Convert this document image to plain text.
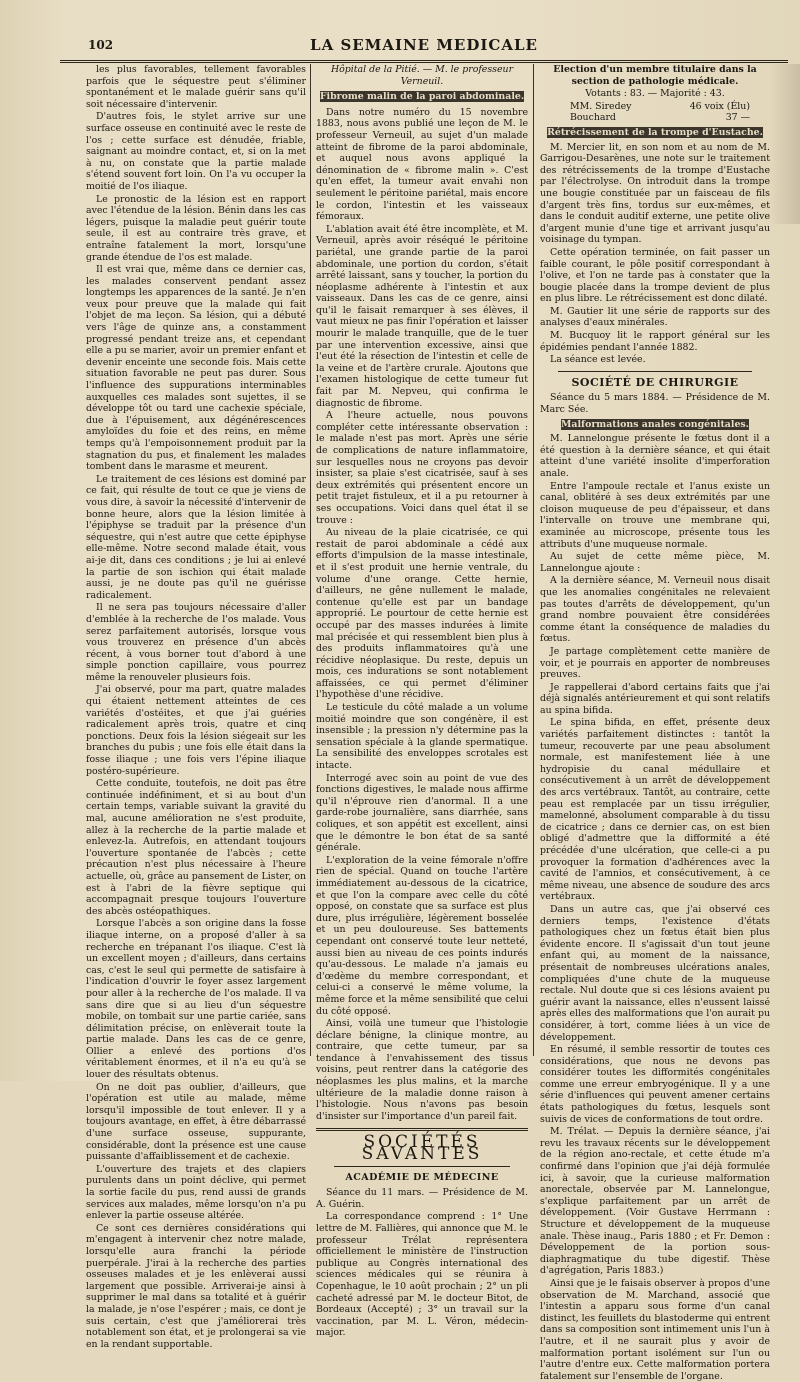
102	LA SEMAINE MEDICALE

les plus favorables, tellement favorables parfois que le séquestre peut s'éliminer spontanément et le malade guérir sans qu'il soit nécessaire d'intervenir.

D'autres fois, le stylet arrive sur une surface osseuse en continuité avec le reste de l'os ; cette surface est dénudée, friable, saignant au moindre contact, et, si on la met à nu, on constate que la partie malade s'étend souvent fort loin. On l'a vu occuper la moitié de l'os iliaque.

Le pronostic de la lésion est en rapport avec l'étendue de la lésion. Bénin dans les cas légers, puisque la maladie peut guérir toute seule, il est au contraire très grave, et entraîne fatalement la mort, lorsqu'une grande étendue de l'os est malade.

Il est vrai que, même dans ce dernier cas, les malades conservent pendant assez longtemps les apparences de la santé. Je n'en veux pour preuve que la malade qui fait l'objet de ma leçon. Sa lésion, qui a débuté vers l'âge de quinze ans, a constamment progressé pendant treize ans, et cependant elle a pu se marier, avoir un premier enfant et devenir enceinte une seconde fois. Mais cette situation favorable ne peut pas durer. Sous l'influence des suppurations interminables auxquelles ces malades sont sujettes, il se développe tôt ou tard une cachexie spéciale, due à l'épuisement, aux dégénérescences amyloïdes du foie et des reins, en même temps qu'à l'empoisonnement produit par la stagnation du pus, et finalement les malades tombent dans le marasme et meurent.

Le traitement de ces lésions est dominé par ce fait, qui résulte de tout ce que je viens de vous dire, à savoir la nécessité d'intervenir de bonne heure, alors que la lésion limitée à l'épiphyse se traduit par la présence d'un séquestre, qui n'est autre que cette épiphyse elle-même. Notre second malade était, vous ai-je dit, dans ces conditions ; je lui ai enlevé la partie de son ischion qui était malade aussi, je ne doute pas qu'il ne guérisse radicalement.

Il ne sera pas toujours nécessaire d'aller d'emblée à la recherche de l'os malade. Vous serez parfaitement autorisés, lorsque vous vous trouverez en présence d'un abcès récent, à vous borner tout d'abord à une simple ponction capillaire, vous pourrez même la renouveler plusieurs fois.

J'ai observé, pour ma part, quatre malades qui étaient nettement atteintes de ces variétés d'ostéites, et que j'ai guéries radicalement après trois, quatre et cinq ponctions. Deux fois la lésion siégeait sur les branches du pubis ; une fois elle était dans la fosse iliaque ; une fois vers l'épine iliaque postéro-supérieure.

Cette conduite, toutefois, ne doit pas être continuée indéfiniment, et si au bout d'un certain temps, variable suivant la gravité du mal, aucune amélioration ne s'est produite, allez à la recherche de la partie malade et enlevez-la. Autrefois, en attendant toujours l'ouverture spontanée de l'abcès ; cette précaution n'est plus nécessaire à l'heure actuelle, où, grâce au pansement de Lister, on est à l'abri de la fièvre septique qui accompagnait presque toujours l'ouverture des abcès ostéopathiques.

Lorsque l'abcès a son origine dans la fosse iliaque interne, on a proposé d'aller à sa recherche en trépanant l'os iliaque. C'est là un excellent moyen ; d'ailleurs, dans certains cas, c'est le seul qui permette de satisfaire à l'indication d'ouvrir le foyer assez largement pour aller à la recherche de l'os malade. Il va sans dire que si au lieu d'un séquestre mobile, on tombait sur une partie cariée, sans délimitation précise, on enlèverait toute la partie malade. Dans les cas de ce genre, Ollier a enlevé des portions d'os véritablement énormes, et il n'a eu qu'à se louer des résultats obtenus.

On ne doit pas oublier, d'ailleurs, que l'opération est utile au malade, même lorsqu'il impossible de tout enlever. Il y a toujours avantage, en effet, à être débarrassé d'une surface osseuse, suppurante, considérable, dont la présence est une cause puissante d'affaiblissement et de cachexie.

L'ouverture des trajets et des clapiers purulents dans un point déclive, qui permet la sortie facile du pus, rend aussi de grands services aux malades, même lorsqu'on n'a pu enlever la partie osseuse altérée.

Ce sont ces dernières considérations qui m'engagent à intervenir chez notre malade, lorsqu'elle aura franchi la période puerpérale. J'irai à la recherche des parties osseuses malades et je les enlèverai aussi largement que possible. Arriverai-je ainsi à supprimer le mal dans sa totalité et à guérir la malade, je n'ose l'espérer ; mais, ce dont je suis certain, c'est que j'améliorerai très notablement son état, et je prolongerai sa vie en la rendant supportable.

Hôpital de la Pitié. — M. le professeur Verneuil.

Fibrome malin de la paroi abdominale.

Dans notre numéro du 15 novembre 1883, nous avons publié une leçon de M. le professeur Verneuil, au sujet d'un malade atteint de fibrome de la paroi abdominale, et auquel nous avons appliqué la dénomination de « fibrome malin ». C'est qu'en effet, la tumeur avait envahi non seulement le péritoine pariétal, mais encore le cordon, l'intestin et les vaisseaux fémoraux.

L'ablation avait été être incomplète, et M. Verneuil, après avoir réséqué le péritoine pariétal, une grande partie de la paroi abdominale, une portion du cordon, s'était arrêté laissant, sans y toucher, la portion du néoplasme adhérente à l'intestin et aux vaisseaux. Dans les cas de ce genre, ainsi qu'il le faisait remarquer à ses élèves, il vaut mieux ne pas finir l'opération et laisser mourir le malade tranquille, que de le tuer par une intervention excessive, ainsi que l'eut été la résection de l'intestin et celle de la veine et de l'artère crurale. Ajoutons que l'examen histologique de cette tumeur fut fait par M. Nepveu, qui confirma le diagnostic de fibrome.

A l'heure actuelle, nous pouvons compléter cette intéressante observation : le malade n'est pas mort. Après une série de complications de nature inflammatoire, sur lesquelles nous ne croyons pas devoir insister, sa plaie s'est cicatrisée, sauf à ses deux extrémités qui présentent encore un petit trajet fistuleux, et il a pu retourner à ses occupations. Voici dans quel état il se trouve :

Au niveau de la plaie cicatrisée, ce qui restait de paroi abdominale a cédé aux efforts d'impulsion de la masse intestinale, et il s'est produit une hernie ventrale, du volume d'une orange. Cette hernie, d'ailleurs, ne gêne nullement le malade, contenue qu'elle est par un bandage approprié. Le pourtour de cette hernie est occupé par des masses indurées à limite mal précisée et qui ressemblent bien plus à des produits inflammatoires qu'à une récidive néoplasique. Du reste, depuis un mois, ces indurations se sont notablement affaissées, ce qui permet d'éliminer l'hypothèse d'une récidive.

Le testicule du côté malade a un volume moitié moindre que son congénère, il est insensible ; la pression n'y détermine pas la sensation spéciale à la glande spermatique. La sensibilité des enveloppes scrotales est intacte.

Interrogé avec soin au point de vue des fonctions digestives, le malade nous affirme qu'il n'éprouve rien d'anormal. Il a une garde-robe journalière, sans diarrhée, sans coliques, et son appétit est excellent, ainsi que le démontre le bon état de sa santé générale.

L'exploration de la veine fémorale n'offre rien de spécial. Quand on touche l'artère immédiatement au-dessous de la cicatrice, et que l'on la compare avec celle du côté opposé, on constate que sa surface est plus dure, plus irrégulière, légèrement bosselée et un peu douloureuse. Ses battements cependant ont conservé toute leur netteté, aussi bien au niveau de ces points indurés qu'au-dessous. Le malade n'a jamais eu d'œdème du membre correspondant, et celui-ci a conservé le même volume, la même force et la même sensibilité que celui du côté opposé.

Ainsi, voilà une tumeur que l'histologie déclare bénigne, la clinique montre, au contraire, que cette tumeur, par sa tendance à l'envahissement des tissus voisins, peut rentrer dans la catégorie des néoplasmes les plus malins, et la marche ultérieure de la maladie donne raison à l'histologie. Nous n'avons pas besoin d'insister sur l'importance d'un pareil fait.

SOCIÉTÉS SAVANTES
ACADÉMIE DE MÉDECINE

Séance du 11 mars. — Présidence de M. A. Guérin.

La correspondance comprend : 1° Une lettre de M. Fallières, qui annonce que M. le professeur Trélat représentera officiellement le ministère de l'instruction publique au Congrès international des sciences médicales qui se réunira à Copenhague, le 10 août prochain ; 2° un pli cacheté adressé par M. le docteur Bitot, de Bordeaux (Accepté) ; 3° un travail sur la vaccination, par M. L. Véron, médecin-major.

Election d'un membre titulaire dans la section de pathologie médicale.

Votants : 83. — Majorité : 43.

MM. Siredey	46 voix (Élu)
Bouchard	37 —

Rétrécissement de la trompe d'Eustache.

M. Mercier lit, en son nom et au nom de M. Garrigou-Desarènes, une note sur le traitement des rétrécissements de la trompe d'Eustache par l'électrolyse. On introduit dans la trompe une bougie constituée par un faisceau de fils d'argent très fins, tordus sur eux-mêmes, et dans le conduit auditif externe, une petite olive d'argent munie d'une tige et arrivant jusqu'au voisinage du tympan.

Cette opération terminée, on fait passer un faible courant, le pôle positif correspondant à l'olive, et l'on ne tarde pas à constater que la bougie placée dans la trompe devient de plus en plus libre. Le rétrécissement est donc dilaté.

M. Gautier lit une série de rapports sur des analyses d'eaux minérales.

M. Bucquoy lit le rapport général sur les épidémies pendant l'année 1882.

La séance est levée.

SOCIÉTÉ DE CHIRURGIE

Séance du 5 mars 1884. — Présidence de M. Marc Sée.

Malformations anales congénitales.

M. Lannelongue présente le fœtus dont il a été question à la dernière séance, et qui était atteint d'une variété insolite d'imperforation anale.

Entre l'ampoule rectale et l'anus existe un canal, oblitéré à ses deux extrémités par une cloison muqueuse de peu d'épaisseur, et dans l'intervalle on trouve une membrane qui, examinée au microscope, présente tous les attributs d'une muqueuse normale.

Au sujet de cette même pièce, M. Lannelongue ajoute :

A la dernière séance, M. Verneuil nous disait que les anomalies congénitales ne relevaient pas toutes d'arrêts de développement, qu'un grand nombre pouvaient être considérées comme étant la conséquence de maladies du fœtus.

Je partage complètement cette manière de voir, et je pourrais en apporter de nombreuses preuves.

Je rappellerai d'abord certains faits que j'ai déjà signalés antérieurement et qui sont relatifs au spina bifida.

Le spina bifida, en effet, présente deux variétés parfaitement distinctes : tantôt la tumeur, recouverte par une peau absolument normale, est manifestement liée à une hydropisie du canal médullaire et consécutivement à un arrêt de développement des arcs vertébraux. Tantôt, au contraire, cette peau est remplacée par un tissu irrégulier, mamelonné, absolument comparable à du tissu de cicatrice ; dans ce dernier cas, on est bien obligé d'admettre que la difformité a été précédée d'une ulcération, que celle-ci a pu provoquer la formation d'adhérences avec la cavité de l'amnios, et consécutivement, à ce même niveau, une absence de soudure des arcs vertébraux.

Dans un autre cas, que j'ai observé ces derniers temps, l'existence d'états pathologiques chez un fœtus était bien plus évidente encore. Il s'agissait d'un tout jeune enfant qui, au moment de la naissance, présentait de nombreuses ulcérations anales, compliquées d'une chute de la muqueuse rectale. Nul doute que si ces lésions avaient pu guérir avant la naissance, elles n'eussent laissé après elles des malformations que l'on aurait pu considérer, à tort, comme liées à un vice de développement.

En résumé, il semble ressortir de toutes ces considérations, que nous ne devons pas considérer toutes les difformités congénitales comme une erreur embryogénique. Il y a une série d'influences qui peuvent amener certains états pathologiques du fœtus, lesquels sont suivis de vices de conformations de tout ordre.

M. Trélat. — Depuis la dernière séance, j'ai revu les travaux récents sur le développement de la région ano-rectale, et cette étude m'a confirmé dans l'opinion que j'ai déjà formulée ici, à savoir, que la curieuse malformation anorectale, observée par M. Lannelongue, s'explique parfaitement par un arrêt de développement. (Voir Gustave Herrmann : Structure et développement de la muqueuse anale. Thèse inaug., Paris 1880 ; et Fr. Demon : Développement de la portion sous-diaphragmatique du tube digestif. Thèse d'agrégation, Paris 1883.)

Ainsi que je le faisais observer à propos d'une observation de M. Marchand, associé que l'intestin a apparu sous forme d'un canal distinct, les feuillets du blastoderme qui entrent dans sa composition sont intimement unis l'un à l'autre, et il ne saurait plus y avoir de malformation portant isolément sur l'un ou l'autre d'entre eux. Cette malformation portera fatalement sur l'ensemble de l'organe.
